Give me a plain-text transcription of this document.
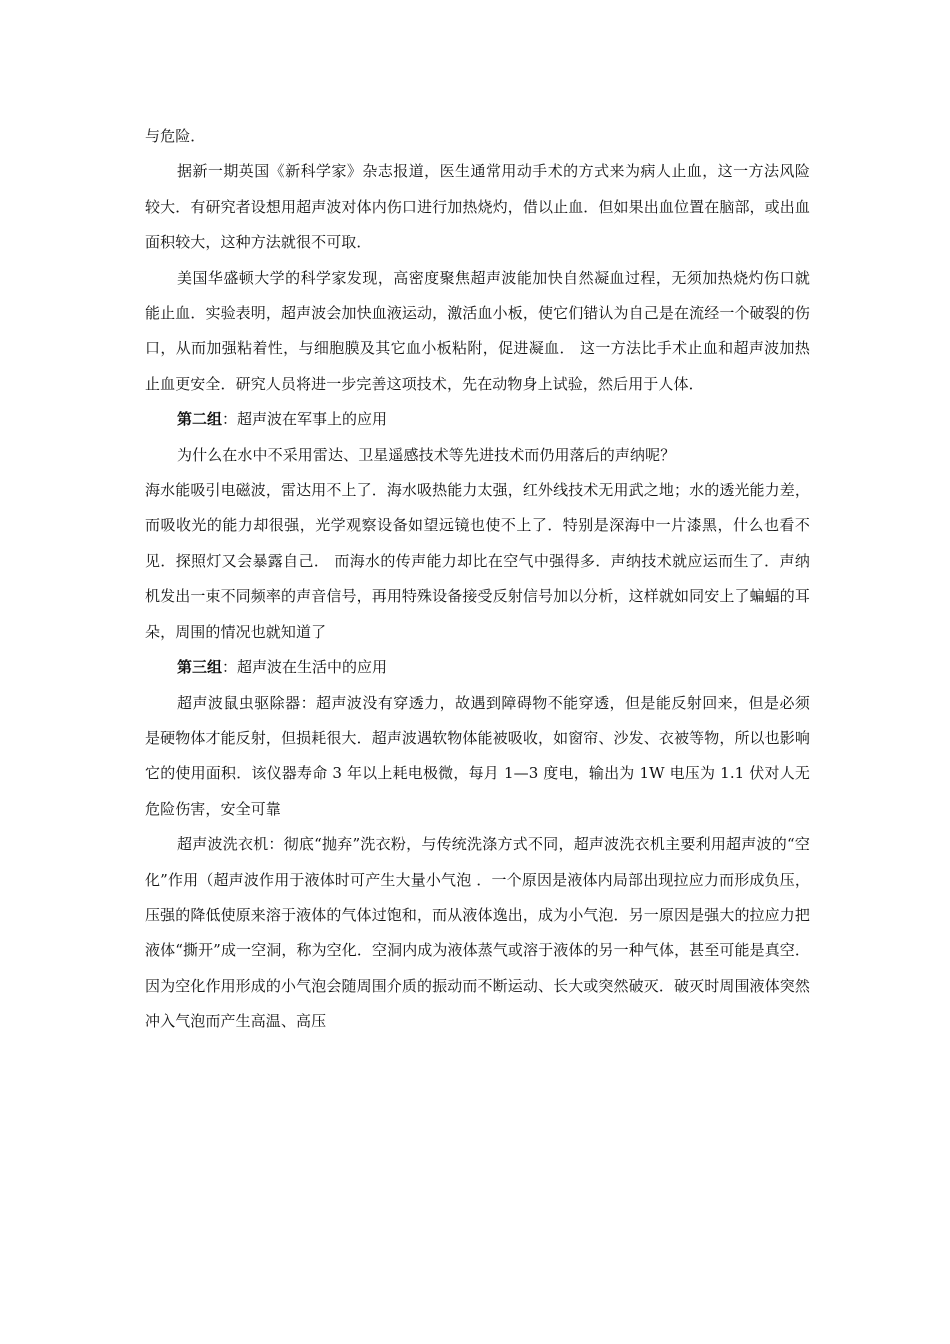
与危险．

据新一期英国《新科学家》杂志报道，医生通常用动手术的方式来为病人止血，这一方法风险较大．有研究者设想用超声波对体内伤口进行加热烧灼，借以止血．但如果出血位置在脑部，或出血面积较大，这种方法就很不可取．

美国华盛顿大学的科学家发现，高密度聚焦超声波能加快自然凝血过程，无须加热烧灼伤口就能止血．实验表明，超声波会加快血液运动，激活血小板，使它们错认为自己是在流经一个破裂的伤口，从而加强粘着性，与细胞膜及其它血小板粘附，促进凝血． 这一方法比手术止血和超声波加热止血更安全．研究人员将进一步完善这项技术，先在动物身上试验，然后用于人体．

第二组：超声波在军事上的应用

为什么在水中不采用雷达、卫星遥感技术等先进技术而仍用落后的声纳呢？

海水能吸引电磁波，雷达用不上了．海水吸热能力太强，红外线技术无用武之地；水的透光能力差，而吸收光的能力却很强，光学观察设备如望远镜也使不上了．特别是深海中一片漆黑，什么也看不见．探照灯又会暴露自己． 而海水的传声能力却比在空气中强得多．声纳技术就应运而生了．声纳机发出一束不同频率的声音信号，再用特殊设备接受反射信号加以分析，这样就如同安上了蝙蝠的耳朵，周围的情况也就知道了

第三组：超声波在生活中的应用

超声波鼠虫驱除器：超声波没有穿透力，故遇到障碍物不能穿透，但是能反射回来，但是必须是硬物体才能反射，但损耗很大．超声波遇软物体能被吸收，如窗帘、沙发、衣被等物，所以也影响它的使用面积．该仪器寿命 3 年以上耗电极微，每月 1—3 度电，输出为 1W 电压为 1.1 伏对人无危险伤害，安全可靠

超声波洗衣机：彻底“抛弃”洗衣粉，与传统洗涤方式不同，超声波洗衣机主要利用超声波的“空化”作用（超声波作用于液体时可产生大量小气泡 ．一个原因是液体内局部出现拉应力而形成负压，压强的降低使原来溶于液体的气体过饱和，而从液体逸出，成为小气泡．另一原因是强大的拉应力把液体“撕开”成一空洞，称为空化．空洞内成为液体蒸气或溶于液体的另一种气体，甚至可能是真空．因为空化作用形成的小气泡会随周围介质的振动而不断运动、长大或突然破灭．破灭时周围液体突然冲入气泡而产生高温、高压
